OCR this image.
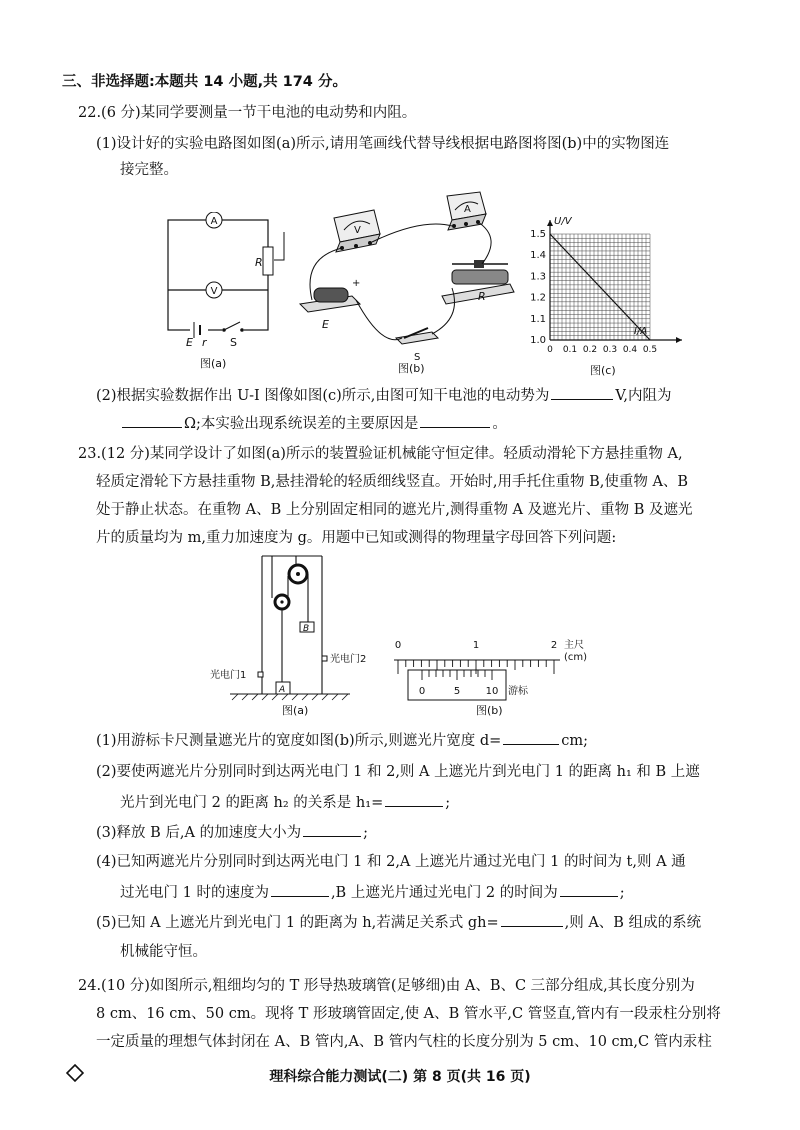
三、非选择题:本题共 14 小题,共 174 分。
22.(6 分)某同学要测量一节干电池的电动势和内阻。
(1)设计好的实验电路图如图(a)所示,请用笔画线代替导线根据电路图将图(b)中的实物图连
接完整。
A
V
R
E r S
图(a)
V
A
+
E
R
S
图(b)
1.5
1.4
1.3
1.2
1.1
1.0
0 0.1 0.2 0.3 0.4 0.5
U/V
I/A
图(c)
(2)根据实验数据作出 U-I 图像如图(c)所示,由图可知干电池的电动势为	V,内阻为
Ω;本实验出现系统误差的主要原因是	。
23.(12 分)某同学设计了如图(a)所示的装置验证机械能守恒定律。轻质动滑轮下方悬挂重物 A,
轻质定滑轮下方悬挂重物 B,悬挂滑轮的轻质细线竖直。开始时,用手托住重物 B,使重物 A、B
处于静止状态。在重物 A、B 上分别固定相同的遮光片,测得重物 A 及遮光片、重物 B 及遮光
片的质量均为 m,重力加速度为 g。用题中已知或测得的物理量字母回答下列问题:
B
A
光电门1
光电门2
图(a)
0	1	2 主尺
(cm)
0	5	10 游标
图(b)
(1)用游标卡尺测量遮光片的宽度如图(b)所示,则遮光片宽度 d=	cm;
(2)要使两遮光片分别同时到达两光电门 1 和 2,则 A 上遮光片到光电门 1 的距离 h₁ 和 B 上遮
光片到光电门 2 的距离 h₂ 的关系是 h₁=	;
(3)释放 B 后,A 的加速度大小为	;
(4)已知两遮光片分别同时到达两光电门 1 和 2,A 上遮光片通过光电门 1 的时间为 t,则 A 通
过光电门 1 时的速度为	,B 上遮光片通过光电门 2 的时间为	;
(5)已知 A 上遮光片到光电门 1 的距离为 h,若满足关系式 gh=	,则 A、B 组成的系统
机械能守恒。
24.(10 分)如图所示,粗细均匀的 T 形导热玻璃管(足够细)由 A、B、C 三部分组成,其长度分别为
8 cm、16 cm、50 cm。现将 T 形玻璃管固定,使 A、B 管水平,C 管竖直,管内有一段汞柱分别将
一定质量的理想气体封闭在 A、B 管内,A、B 管内气柱的长度分别为 5 cm、10 cm,C 管内汞柱
理科综合能力测试(二) 第 8 页(共 16 页)
